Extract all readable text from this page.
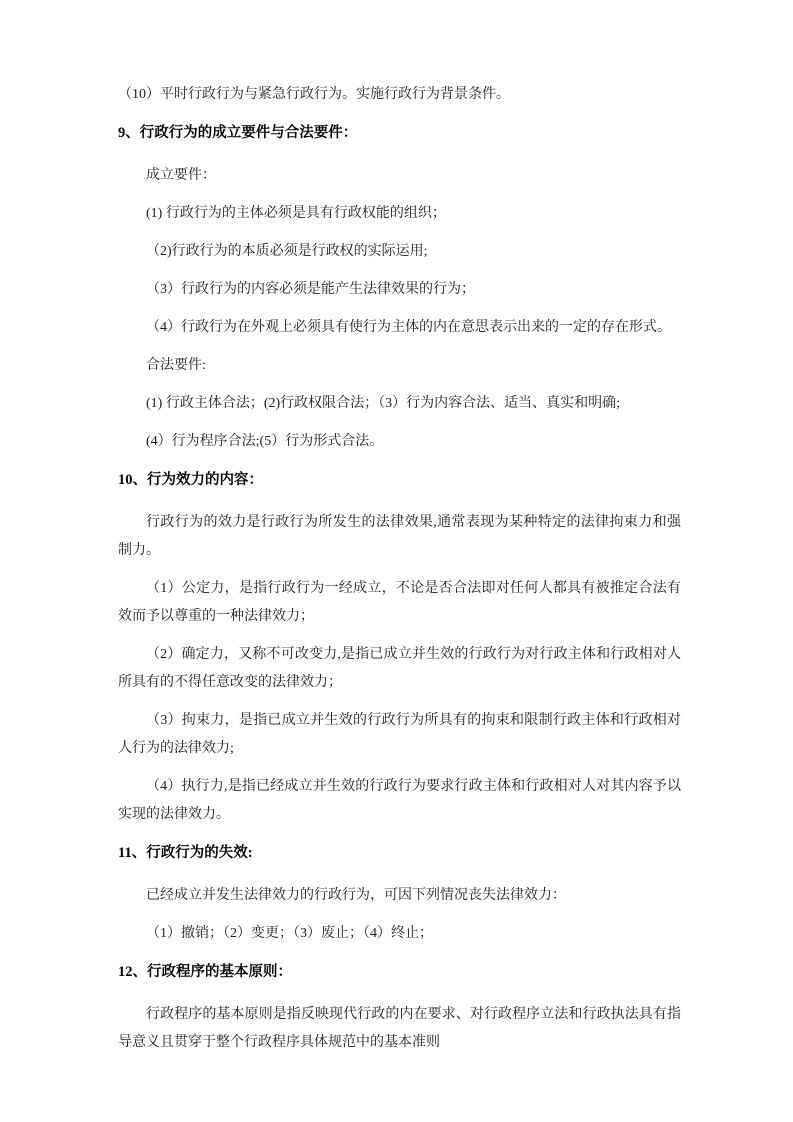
（10）平时行政行为与紧急行政行为。实施行政行为背景条件。

9、行政行为的成立要件与合法要件：

成立要件：

(1) 行政行为的主体必须是具有行政权能的组织；

（2)行政行为的本质必须是行政权的实际运用;

（3）行政行为的内容必须是能产生法律效果的行为；

（4）行政行为在外观上必须具有使行为主体的内在意思表示出来的一定的存在形式。

合法要件:

(1) 行政主体合法；(2)行政权限合法；（3）行为内容合法、适当、真实和明确;

(4）行为程序合法;(5）行为形式合法。

10、行为效力的内容：

行政行为的效力是行政行为所发生的法律效果,通常表现为某种特定的法律拘束力和强制力。

（1）公定力，是指行政行为一经成立，不论是否合法即对任何人都具有被推定合法有效而予以尊重的一种法律效力；

（2）确定力，又称不可改变力,是指已成立并生效的行政行为对行政主体和行政相对人所具有的不得任意改变的法律效力；

（3）拘束力，是指已成立并生效的行政行为所具有的拘束和限制行政主体和行政相对人行为的法律效力;

（4）执行力,是指已经成立并生效的行政行为要求行政主体和行政相对人对其内容予以实现的法律效力。

11、行政行为的失效:

已经成立并发生法律效力的行政行为，可因下列情况丧失法律效力：

（1）撤销；（2）变更；（3）废止；（4）终止；

12、行政程序的基本原则：

行政程序的基本原则是指反映现代行政的内在要求、对行政程序立法和行政执法具有指导意义且贯穿于整个行政程序具体规范中的基本准则
